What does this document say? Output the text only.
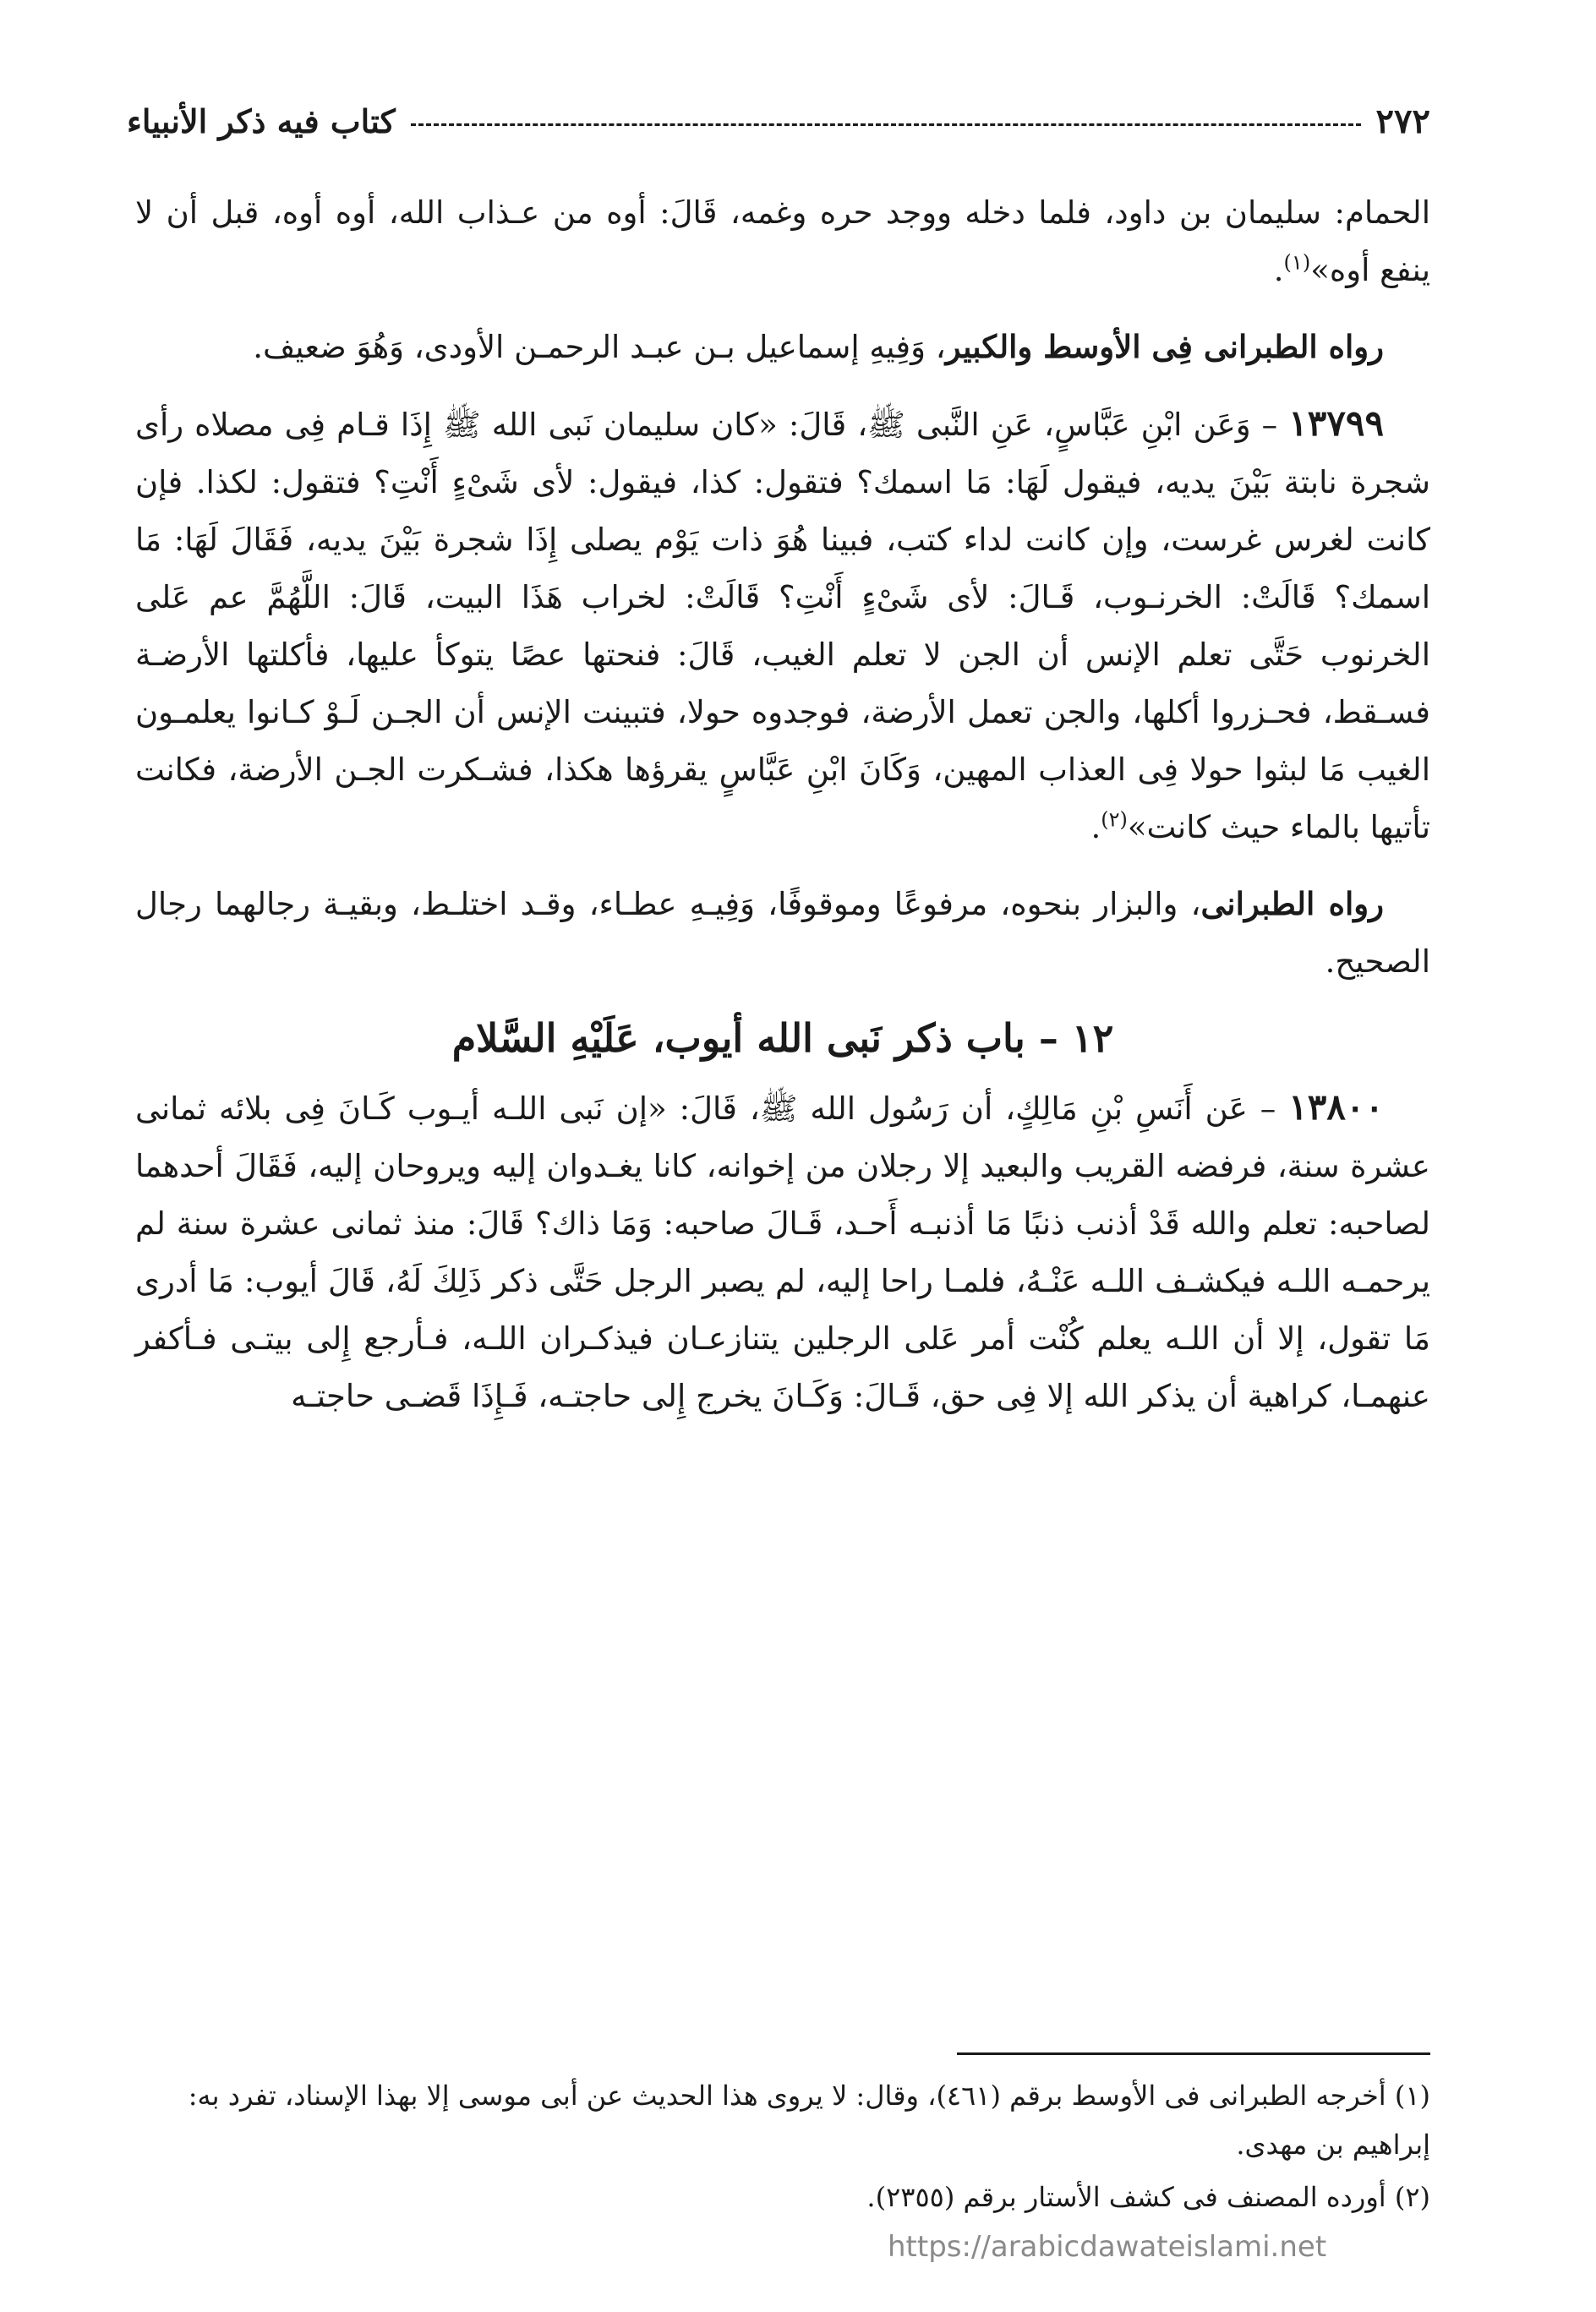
٢٧٢
كتاب فيه ذكر الأنبياء

الحمام: سليمان بن داود، فلما دخله ووجد حره وغمه، قَالَ: أوه من عـذاب الله، أوه أوه، قبل أن لا ينفع أوه»$^{(١)}$.

رواه الطبرانى فِى الأوسط والكبير، وَفِيهِ إسماعيل بـن عبـد الرحمـن الأودى، وَهُوَ ضعيف.

١٣٧٩٩ – وَعَن ابْنِ عَبَّاسٍ، عَنِ النَّبى ﷺ، قَالَ: «كان سليمان نَبى الله ﷺ إِذَا قـام فِى مصلاه رأى شجرة نابتة بَيْنَ يديه، فيقول لَهَا: مَا اسمك؟ فتقول: كذا، فيقول: لأى شَىْءٍ أَنْتِ؟ فتقول: لكذا. فإن كانت لغرس غرست، وإن كانت لداء كتب، فبينا هُوَ ذات يَوْم يصلى إِذَا شجرة بَيْنَ يديه، فَقَالَ لَهَا: مَا اسمك؟ قَالَتْ: الخرنـوب، قَـالَ: لأى شَىْءٍ أَنْتِ؟ قَالَتْ: لخراب هَذَا البيت، قَالَ: اللَّهُمَّ عم عَلى الخرنوب حَتَّى تعلم الإنس أن الجن لا تعلم الغيب، قَالَ: فنحتها عصًا يتوكأ عليها، فأكلتها الأرضـة فسـقط، فحـزروا أكلها، والجن تعمل الأرضة، فوجدوه حولا، فتبينت الإنس أن الجـن لَـوْ كـانوا يعلمـون الغيب مَا لبثوا حولا فِى العذاب المهين، وَكَانَ ابْنِ عَبَّاسٍ يقرؤها هكذا، فشـكرت الجـن الأرضة، فكانت تأتيها بالماء حيث كانت»$^{(٢)}$.

رواه الطبرانى، والبزار بنحوه، مرفوعًا وموقوفًا، وَفِيـهِ عطـاء، وقـد اختلـط، وبقيـة رجالهما رجال الصحيح.

١٢ – باب ذكر نَبى الله أيوب، عَلَيْهِ السَّلام

١٣٨٠٠ – عَن أَنَسِ بْنِ مَالِكٍ، أن رَسُول الله ﷺ، قَالَ: «إن نَبى اللـه أيـوب كَـانَ فِى بلائه ثمانى عشرة سنة، فرفضه القريب والبعيد إلا رجلان من إخوانه، كانا يغـدوان إليه ويروحان إليه، فَقَالَ أحدهما لصاحبه: تعلم والله قَدْ أذنب ذنبًا مَا أذنبـه أَحـد، قَـالَ صاحبه: وَمَا ذاك؟ قَالَ: منذ ثمانى عشرة سنة لم يرحمـه اللـه فيكشـف اللـه عَنْـهُ، فلمـا راحا إليه، لم يصبر الرجل حَتَّى ذكر ذَلِكَ لَهُ، قَالَ أيوب: مَا أدرى مَا تقول، إلا أن اللـه يعلم كُنْت أمر عَلى الرجلين يتنازعـان فيذكـران اللـه، فـأرجع إِلى بيتـى فـأكفر عنهمـا، كراهية أن يذكر الله إلا فِى حق، قَـالَ: وَكَـانَ يخرج إِلى حاجتـه، فَـإِذَا قَضـى حاجتـه

(١) أخرجه الطبرانى فى الأوسط برقم (٤٦١)، وقال: لا يروى هذا الحديث عن أبى موسى إلا بهذا الإسناد، تفرد به: إبراهيم بن مهدى.

(٢) أورده المصنف فى كشف الأستار برقم (٢٣٥٥).

https://arabicdawateislami.net
